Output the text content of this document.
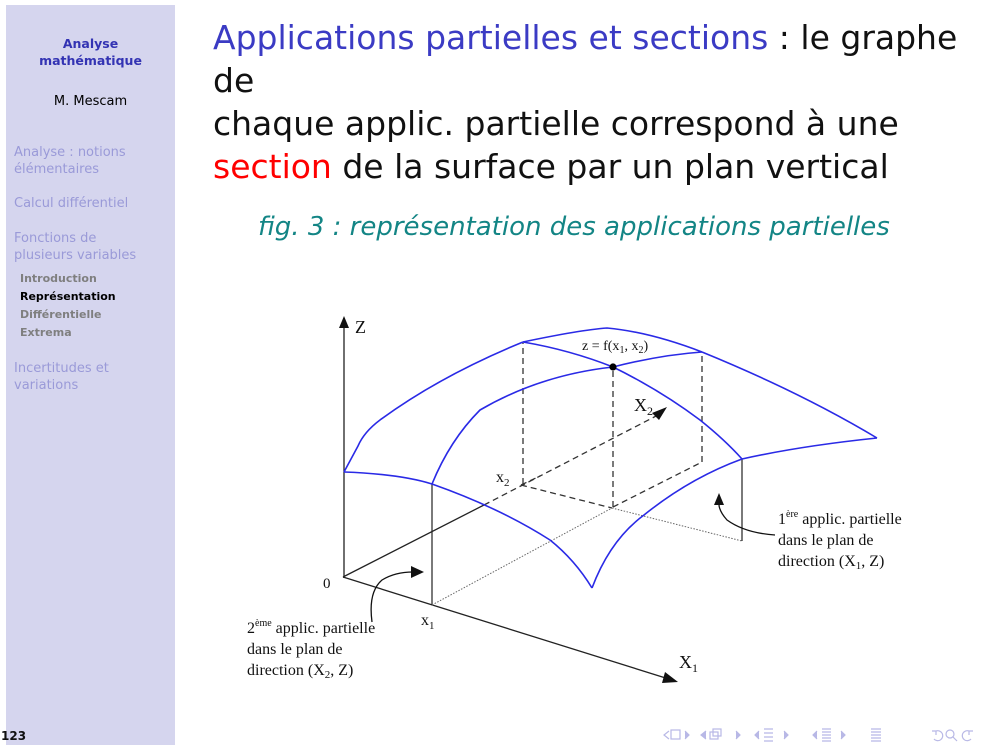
Analyse
mathématique
M. Mescam
Analyse : notions
élémentaires
Calcul différentiel
Fonctions de
plusieurs variables
Introduction
Représentation
Différentielle
Extrema
Incertitudes et
variations
123
Applications partielles et sections : le graphe de
chaque applic. partielle correspond à une
section de la surface par un plan vertical
fig. 3 : représentation des applications partielles
Z
0
$X_1$
$X_2$
$x_1$
$x_2$
$z = f(x_1$, $x_2$)
1ère applic. partielle
dans le plan de
direction (X1, Z)
2ème applic. partielle
dans le plan de
direction (X2, Z)
